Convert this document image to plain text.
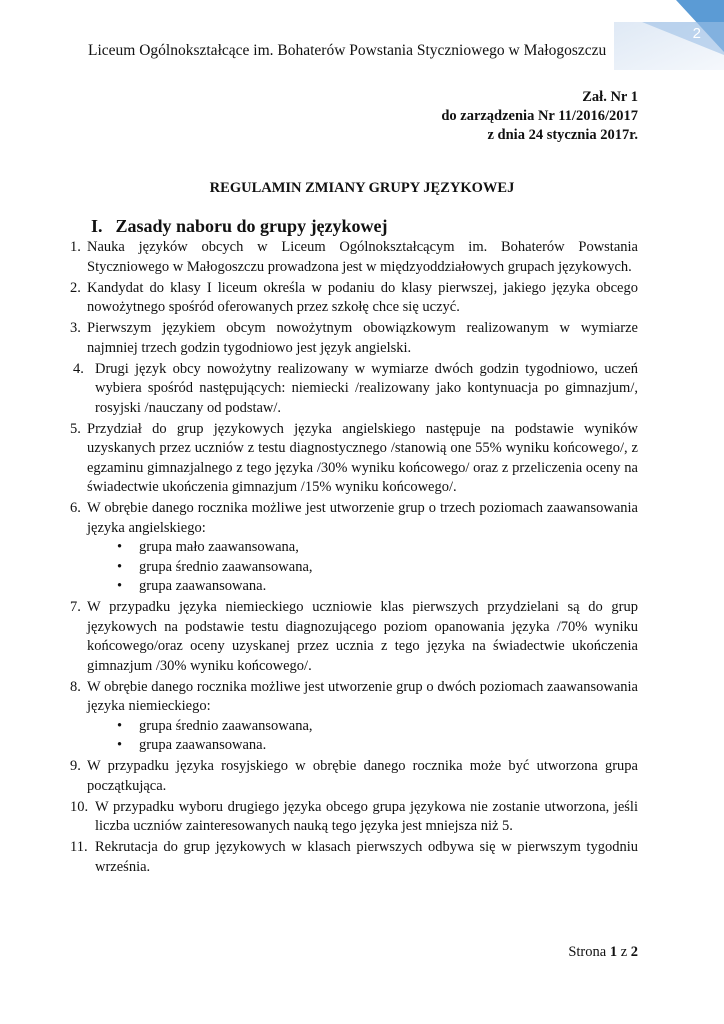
2
Liceum Ogólnokształcące im. Bohaterów Powstania Styczniowego w Małogoszczu
Zał. Nr 1
do zarządzenia Nr 11/2016/2017
z dnia 24 stycznia 2017r.
REGULAMIN ZMIANY GRUPY JĘZYKOWEJ
I. Zasady naboru do grupy językowej
1. Nauka języków obcych w Liceum Ogólnokształcącym im. Bohaterów Powstania Styczniowego w Małogoszczu prowadzona jest w międzyoddziałowych grupach językowych.
2. Kandydat do klasy I liceum określa w podaniu do klasy pierwszej, jakiego języka obcego nowożytnego spośród oferowanych przez szkołę chce się uczyć.
3. Pierwszym językiem obcym nowożytnym obowiązkowym realizowanym w wymiarze najmniej trzech godzin tygodniowo jest język angielski.
4. Drugi język obcy nowożytny realizowany w wymiarze dwóch godzin tygodniowo, uczeń wybiera spośród następujących: niemiecki /realizowany jako kontynuacja po gimnazjum/, rosyjski /nauczany od podstaw/.
5. Przydział do grup językowych języka angielskiego następuje na podstawie wyników uzyskanych przez uczniów z testu diagnostycznego /stanowią one 55% wyniku końcowego/, z egzaminu gimnazjalnego z tego języka /30% wyniku końcowego/ oraz z przeliczenia oceny na świadectwie ukończenia gimnazjum /15% wyniku końcowego/.
6. W obrębie danego rocznika możliwe jest utworzenie grup o trzech poziomach zaawansowania języka angielskiego:
• grupa mało zaawansowana,
• grupa średnio zaawansowana,
• grupa zaawansowana.
7. W przypadku języka niemieckiego uczniowie klas pierwszych przydzielani są do grup językowych na podstawie testu diagnozującego poziom opanowania języka /70% wyniku końcowego/oraz oceny uzyskanej przez ucznia z tego języka na świadectwie ukończenia gimnazjum /30% wyniku końcowego/.
8. W obrębie danego rocznika możliwe jest utworzenie grup o dwóch poziomach zaawansowania języka niemieckiego:
• grupa średnio zaawansowana,
• grupa zaawansowana.
9. W przypadku języka rosyjskiego w obrębie danego rocznika może być utworzona grupa początkująca.
10. W przypadku wyboru drugiego języka obcego grupa językowa nie zostanie utworzona, jeśli liczba uczniów zainteresowanych nauką tego języka jest mniejsza niż 5.
11. Rekrutacja do grup językowych w klasach pierwszych odbywa się w pierwszym tygodniu września.
Strona 1 z 2
